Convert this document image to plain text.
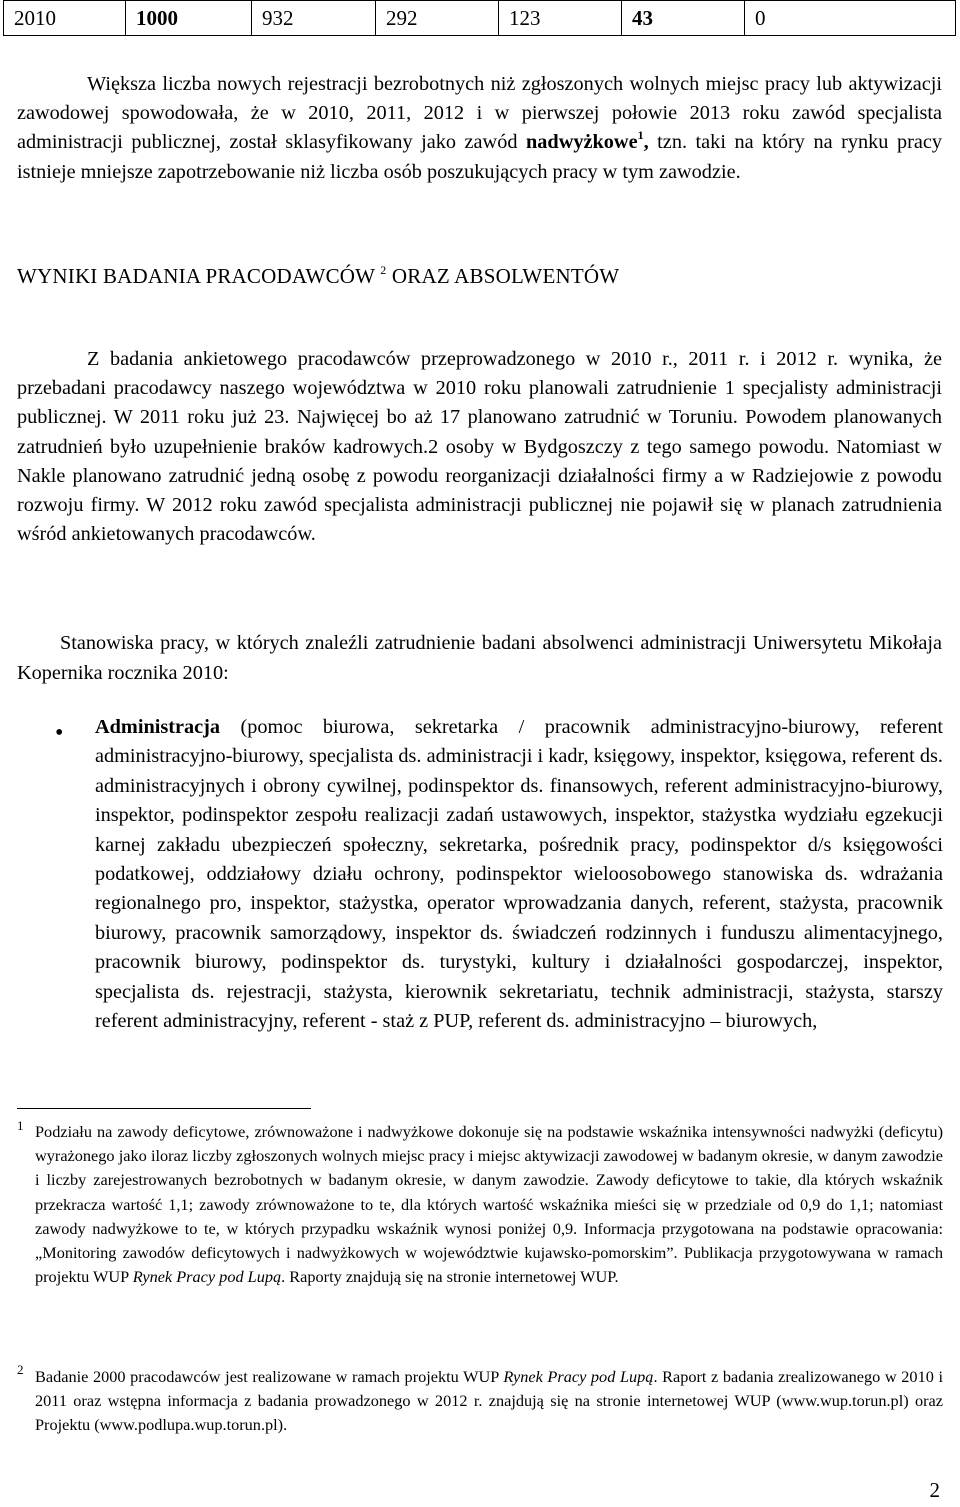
2010	1000	932	292	123	43	0

Większa liczba nowych rejestracji bezrobotnych niż zgłoszonych wolnych miejsc pracy lub aktywizacji zawodowej spowodowała, że w 2010, 2011, 2012 i w pierwszej połowie 2013 roku zawód specjalista administracji publicznej, został sklasyfikowany jako zawód nadwyżkowe$^1$, tzn. taki na który na rynku pracy istnieje mniejsze zapotrzebowanie niż liczba osób poszukujących pracy w tym zawodzie.

WYNIKI BADANIA PRACODAWCÓW $^2$ ORAZ ABSOLWENTÓW

Z badania ankietowego pracodawców przeprowadzonego w 2010 r., 2011 r. i 2012 r. wynika, że przebadani pracodawcy naszego województwa w 2010 roku planowali zatrudnienie 1 specjalisty administracji publicznej. W 2011 roku już 23. Najwięcej bo aż 17 planowano zatrudnić w Toruniu. Powodem planowanych zatrudnień było uzupełnienie braków kadrowych.2 osoby w Bydgoszczy z tego samego powodu. Natomiast w Nakle planowano zatrudnić jedną osobę z powodu reorganizacji działalności firmy a w Radziejowie z powodu rozwoju firmy. W 2012 roku zawód specjalista administracji publicznej nie pojawił się w planach zatrudnienia wśród ankietowanych pracodawców.

Stanowiska pracy, w których znaleźli zatrudnienie badani absolwenci administracji Uniwersytetu Mikołaja Kopernika rocznika 2010:

• Administracja (pomoc biurowa, sekretarka / pracownik administracyjno-biurowy, referent administracyjno-biurowy, specjalista ds. administracji i kadr, księgowy, inspektor, księgowa, referent ds. administracyjnych i obrony cywilnej, podinspektor ds. finansowych, referent administracyjno-biurowy, inspektor, podinspektor zespołu realizacji zadań ustawowych, inspektor, stażystka wydziału egzekucji karnej zakładu ubezpieczeń społeczny, sekretarka, pośrednik pracy, podinspektor d/s księgowości podatkowej, oddziałowy działu ochrony, podinspektor wieloosobowego stanowiska ds. wdrażania regionalnego pro, inspektor, stażystka, operator wprowadzania danych, referent, stażysta, pracownik biurowy, pracownik samorządowy, inspektor ds. świadczeń rodzinnych i funduszu alimentacyjnego, pracownik biurowy, podinspektor ds. turystyki, kultury i działalności gospodarczej, inspektor, specjalista ds. rejestracji, stażysta, kierownik sekretariatu, technik administracji, stażysta, starszy referent administracyjny, referent - staż z PUP, referent ds. administracyjno – biurowych,

1 Podziału na zawody deficytowe, zrównoważone i nadwyżkowe dokonuje się na podstawie wskaźnika intensywności nadwyżki (deficytu) wyrażonego jako iloraz liczby zgłoszonych wolnych miejsc pracy i miejsc aktywizacji zawodowej w badanym okresie, w danym zawodzie i liczby zarejestrowanych bezrobotnych w badanym okresie, w danym zawodzie. Zawody deficytowe to takie, dla których wskaźnik przekracza wartość 1,1; zawody zrównoważone to te, dla których wartość wskaźnika mieści się w przedziale od 0,9 do 1,1; natomiast zawody nadwyżkowe to te, w których przypadku wskaźnik wynosi poniżej 0,9. Informacja przygotowana na podstawie opracowania: „Monitoring zawodów deficytowych i nadwyżkowych w województwie kujawsko-pomorskim”. Publikacja przygotowywana w ramach projektu WUP Rynek Pracy pod Lupą. Raporty znajdują się na stronie internetowej WUP.

2 Badanie 2000 pracodawców jest realizowane w ramach projektu WUP Rynek Pracy pod Lupą. Raport z badania zrealizowanego w 2010 i 2011 oraz wstępna informacja z badania prowadzonego w 2012 r. znajdują się na stronie internetowej WUP (www.wup.torun.pl) oraz Projektu (www.podlupa.wup.torun.pl).

2
